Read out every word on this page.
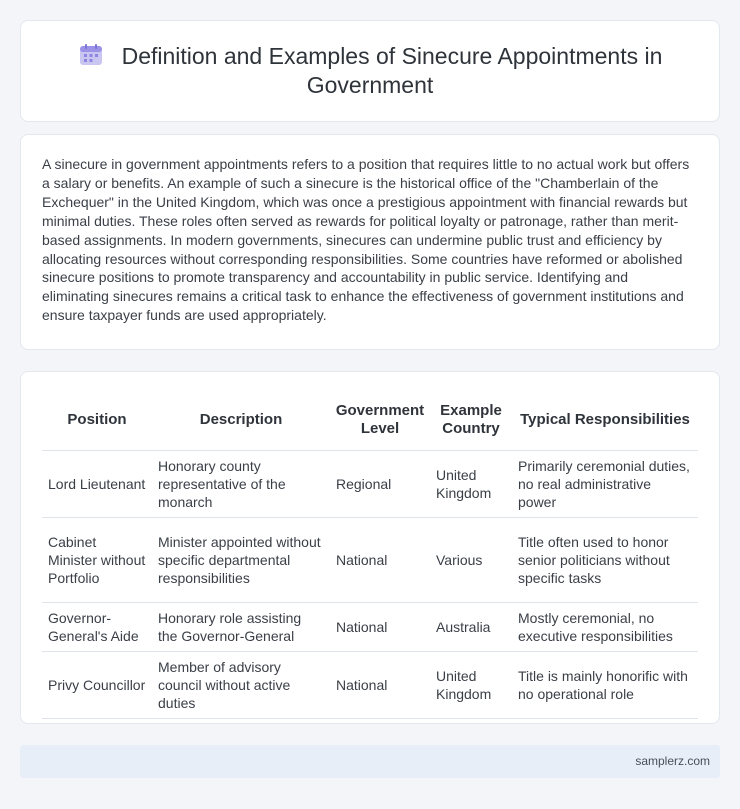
Definition and Examples of Sinecure Appointments in Government

A sinecure in government appointments refers to a position that requires little to no actual work but offers a salary or benefits. An example of such a sinecure is the historical office of the "Chamberlain of the Exchequer" in the United Kingdom, which was once a prestigious appointment with financial rewards but minimal duties. These roles often served as rewards for political loyalty or patronage, rather than merit-based assignments. In modern governments, sinecures can undermine public trust and efficiency by allocating resources without corresponding responsibilities. Some countries have reformed or abolished sinecure positions to promote transparency and accountability in public service. Identifying and eliminating sinecures remains a critical task to enhance the effectiveness of government institutions and ensure taxpayer funds are used appropriately.

Position	Description	Government Level	Example Country	Typical Responsibilities
Lord Lieutenant	Honorary county representative of the monarch	Regional	United Kingdom	Primarily ceremonial duties, no real administrative power
Cabinet Minister without Portfolio	Minister appointed without specific departmental responsibilities	National	Various	Title often used to honor senior politicians without specific tasks
Governor-General's Aide	Honorary role assisting the Governor-General	National	Australia	Mostly ceremonial, no executive responsibilities
Privy Councillor	Member of advisory council without active duties	National	United Kingdom	Title is mainly honorific with no operational role
samplerz.com
